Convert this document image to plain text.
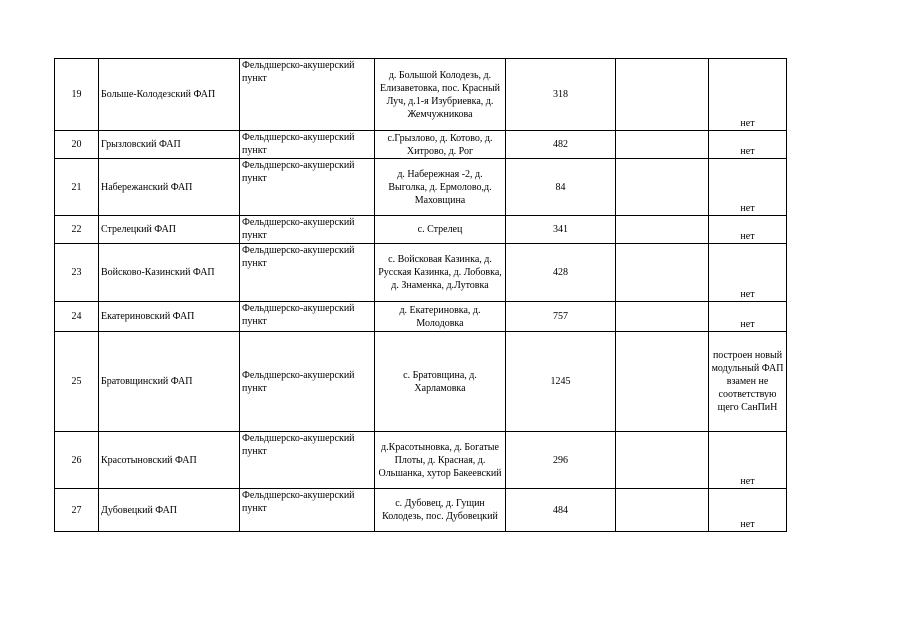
19	Больше-Колодезский ФАП	Фельдшерско-акушерский пункт	д. Большой Колодезь, д. Елизаветовка, пос. Красный Луч, д.1-я Изубриевка, д. Жемчужникова	318		нет
20	Грызловский ФАП	Фельдшерско-акушерский пункт	с.Грызлово, д. Котово, д. Хитрово, д. Рог	482		нет
21	Набережанский ФАП	Фельдшерско-акушерский пункт	д. Набережная -2, д. Выголка, д. Ермолово,д. Маховщина	84		нет
22	Стрелецкий ФАП	Фельдшерско-акушерский пункт	с. Стрелец	341		нет
23	Войсково-Казинский ФАП	Фельдшерско-акушерский пункт	с. Войсковая Казинка, д. Русская Казинка, д. Лобовка, д. Знаменка, д.Лутовка	428		нет
24	Екатериновский ФАП	Фельдшерско-акушерский пункт	д. Екатериновка, д. Молодовка	757		нет
25	Братовщинский ФАП	Фельдшерско-акушерский пункт	с. Братовщина, д. Харламовка	1245		построен новый модульный ФАП взамен не соответствую щего СанПиН
26	Красотыновский ФАП	Фельдшерско-акушерский пункт	д.Красотыновка, д. Богатые Плоты, д. Красная, д. Ольшанка, хутор Бакеевский	296		нет
27	Дубовецкий ФАП	Фельдшерско-акушерский пункт	с. Дубовец, д. Гущин Колодезь, пос. Дубовецкий	484		нет
